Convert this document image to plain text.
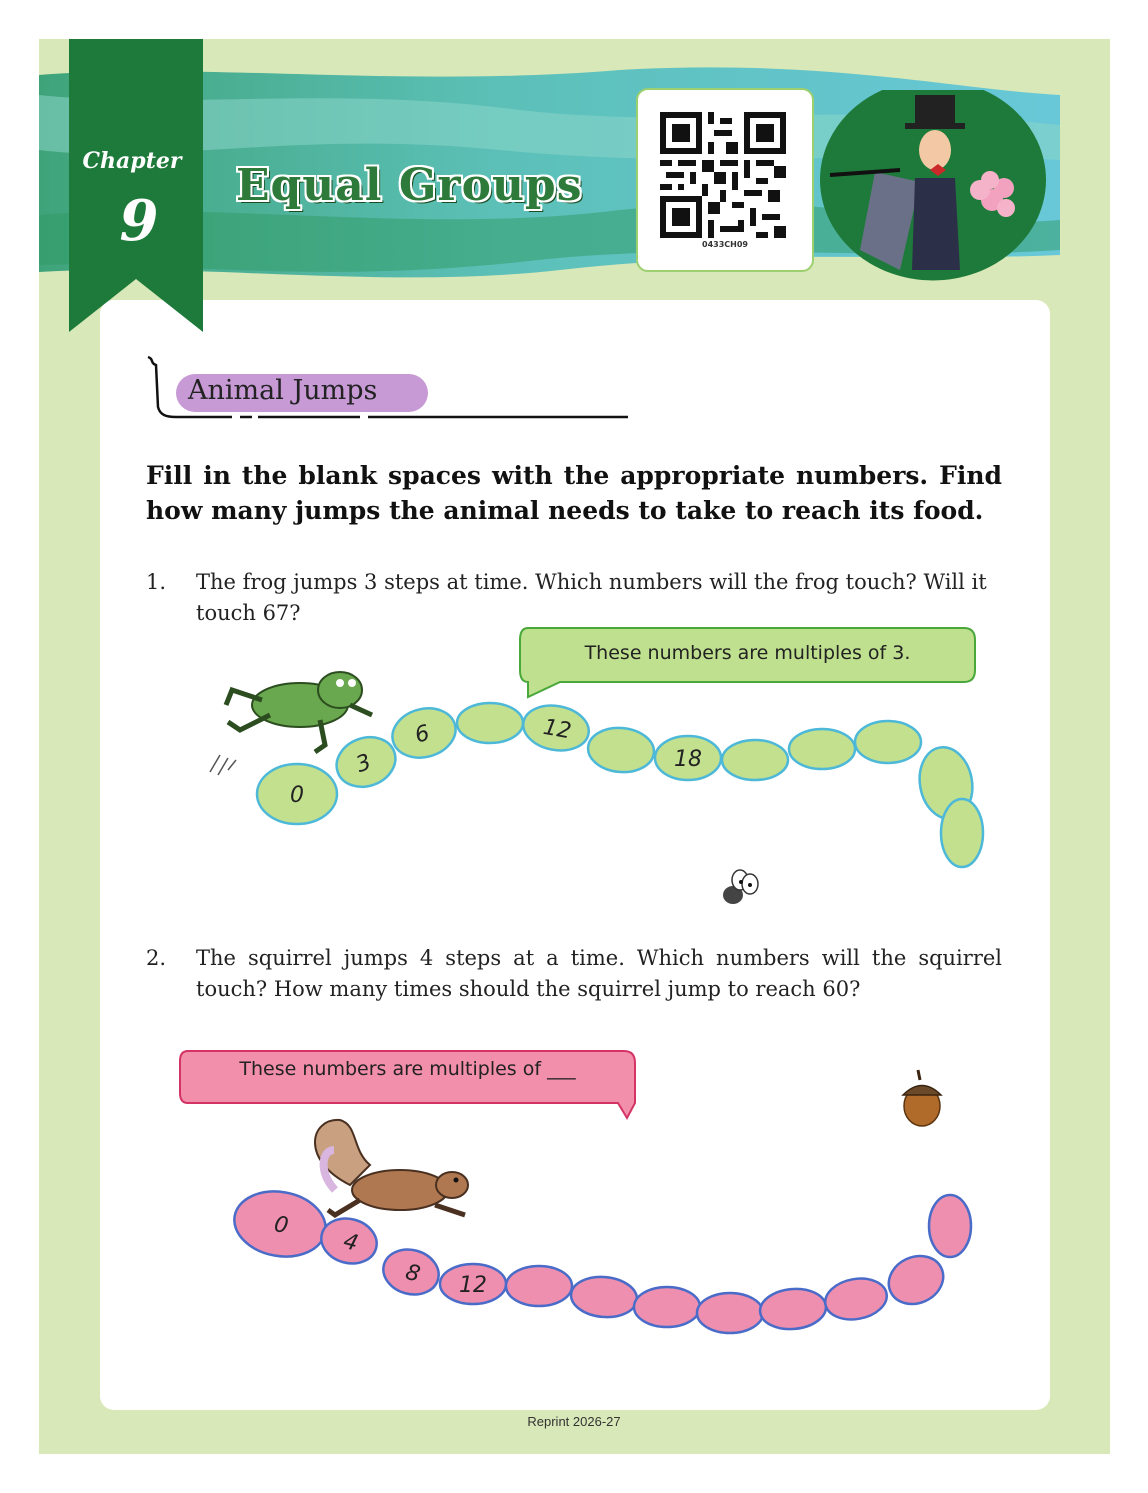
Chapter
9
Equal Groups
0433CH09
Animal Jumps
Fill in the blank spaces with the appropriate numbers. Find how many jumps the animal needs to take to reach its food.
1. The frog jumps 3 steps at time. Which numbers will the frog touch? Will it touch 67?
0
3
6	12
18
0
4
8 12
These numbers are multiples of 3.
2. The squirrel jumps 4 steps at a time. Which numbers will the squirrel touch? How many times should the squirrel jump to reach 60?
These numbers are multiples of ___
Reprint 2026-27
